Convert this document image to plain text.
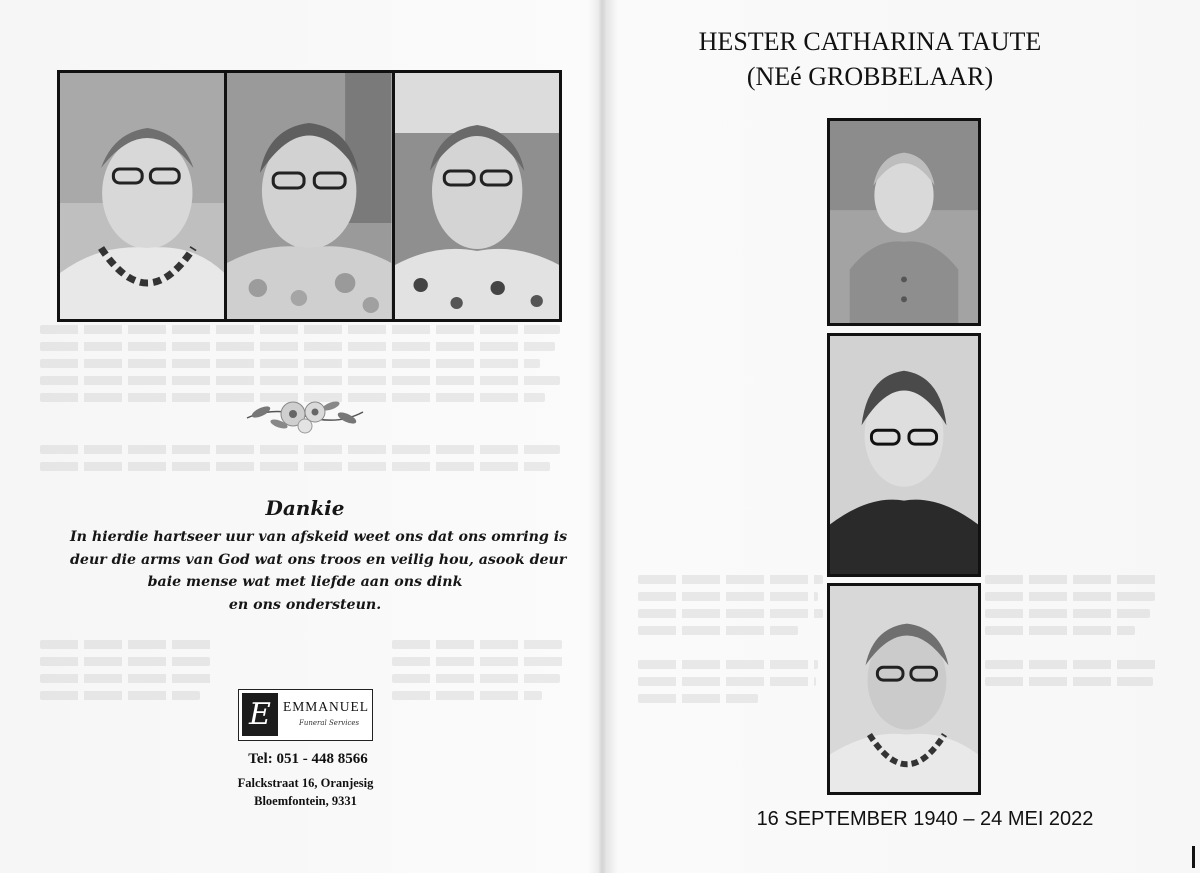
Dankie
In hierdie hartseer uur van afskeid weet ons dat ons omring is
deur die arms van God wat ons troos en veilig hou, asook deur
baie mense wat met liefde aan ons dink
en ons ondersteun.
E EMMANUEL
Funeral Services
Tel: 051 - 448 8566
Falckstraat 16, Oranjesig
Bloemfontein, 9331
HESTER CATHARINA TAUTE
(NEé GROBBELAAR)
16 SEPTEMBER 1940 – 24 MEI 2022
